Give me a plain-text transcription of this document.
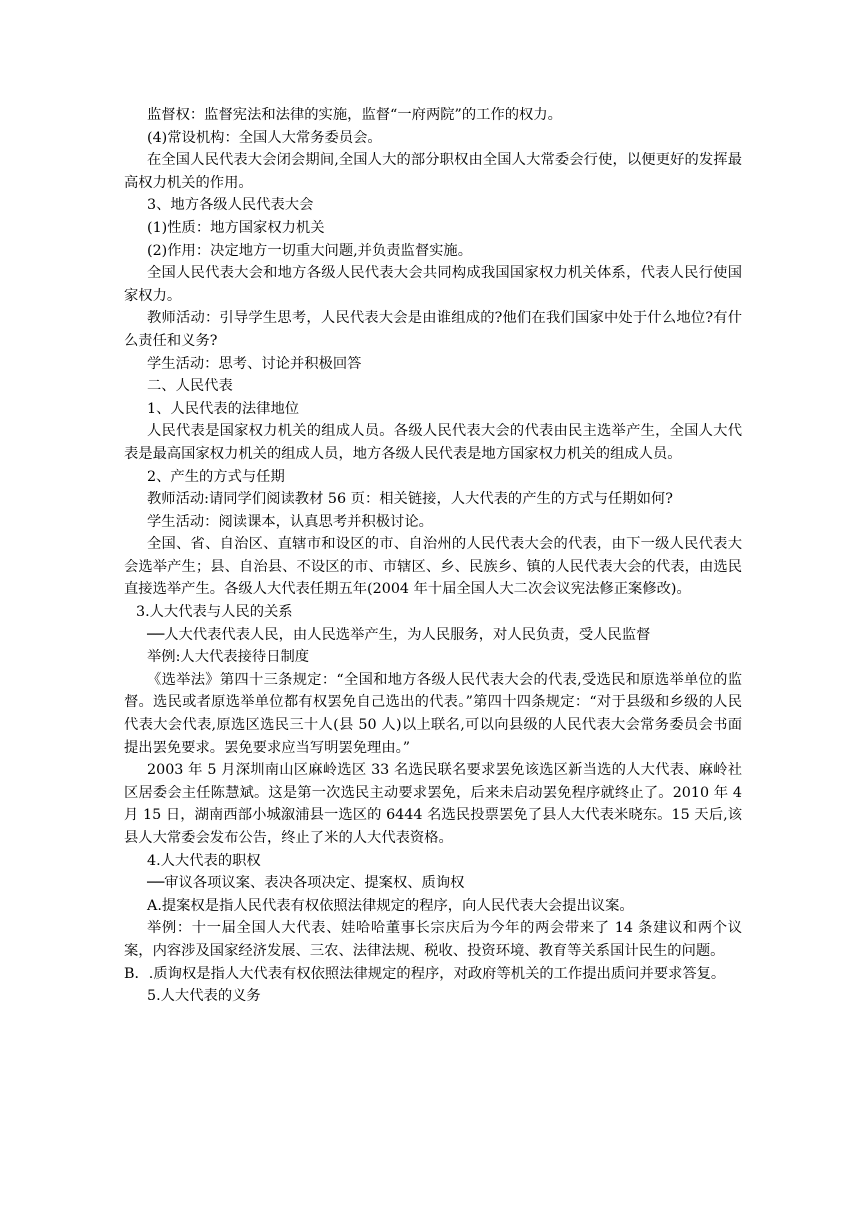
监督权：监督宪法和法律的实施，监督“一府两院”的工作的权力。

(4)常设机构：全国人大常务委员会。

在全国人民代表大会闭会期间,全国人大的部分职权由全国人大常委会行使，以便更好的发挥最高权力机关的作用。

3、地方各级人民代表大会

(1)性质：地方国家权力机关

(2)作用：决定地方一切重大问题,并负责监督实施。

全国人民代表大会和地方各级人民代表大会共同构成我国国家权力机关体系，代表人民行使国家权力。

教师活动：引导学生思考，人民代表大会是由谁组成的?他们在我们国家中处于什么地位?有什么责任和义务?

学生活动：思考、讨论并积极回答

二、人民代表

1、人民代表的法律地位

人民代表是国家权力机关的组成人员。各级人民代表大会的代表由民主选举产生，全国人大代表是最高国家权力机关的组成人员，地方各级人民代表是地方国家权力机关的组成人员。

2、产生的方式与任期

教师活动:请同学们阅读教材 56 页：相关链接，人大代表的产生的方式与任期如何?

学生活动：阅读课本，认真思考并积极讨论。

全国、省、自治区、直辖市和设区的市、自治州的人民代表大会的代表，由下一级人民代表大会选举产生；县、自治县、不设区的市、市辖区、乡、民族乡、镇的人民代表大会的代表，由选民直接选举产生。各级人大代表任期五年(2004 年十届全国人大二次会议宪法修正案修改)。

3.人大代表与人民的关系

──人大代表代表人民，由人民选举产生，为人民服务，对人民负责，受人民监督

举例:人大代表接待日制度

《选举法》第四十三条规定：“全国和地方各级人民代表大会的代表,受选民和原选举单位的监督。选民或者原选举单位都有权罢免自己选出的代表。”第四十四条规定：“对于县级和乡级的人民代表大会代表,原选区选民三十人(县 50 人)以上联名,可以向县级的人民代表大会常务委员会书面提出罢免要求。罢免要求应当写明罢免理由。”

2003 年 5 月深圳南山区麻岭选区 33 名选民联名要求罢免该选区新当选的人大代表、麻岭社区居委会主任陈慧斌。这是第一次选民主动要求罢免，后来未启动罢免程序就终止了。2010 年 4 月 15 日，湖南西部小城溆浦县一选区的 6444 名选民投票罢免了县人大代表米晓东。15 天后,该县人大常委会发布公告，终止了米的人大代表资格。

4.人大代表的职权

──审议各项议案、表决各项决定、提案权、质询权

A.提案权是指人民代表有权依照法律规定的程序，向人民代表大会提出议案。

举例：十一届全国人大代表、娃哈哈董事长宗庆后为今年的两会带来了 14 条建议和两个议案，内容涉及国家经济发展、三农、法律法规、税收、投资环境、教育等关系国计民生的问题。

B．.质询权是指人大代表有权依照法律规定的程序，对政府等机关的工作提出质问并要求答复。

5.人大代表的义务
